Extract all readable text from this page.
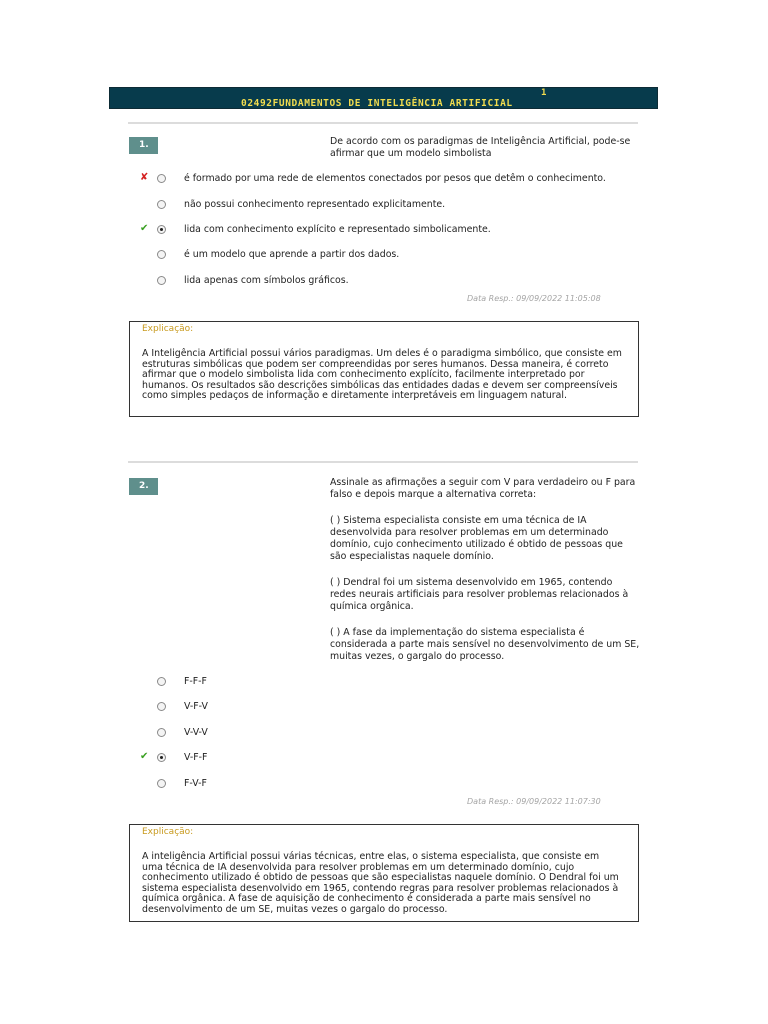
1
02492FUNDAMENTOS DE INTELIGÊNCIA ARTIFICIAL
1.	De acordo com os paradigmas de Inteligência Artificial, pode-se afirmar que um modelo simbolista

✘	é formado por uma rede de elementos conectados por pesos que detêm o conhecimento.
não possui conhecimento representado explicitamente.
✔	lida com conhecimento explícito e representado simbolicamente.
é um modelo que aprende a partir dos dados.
lida apenas com símbolos gráficos.
Data Resp.: 09/09/2022 11:05:08
Explicação:
A Inteligência Artificial possui vários paradigmas. Um deles é o paradigma simbólico, que consiste em estruturas simbólicas que podem ser compreendidas por seres humanos. Dessa maneira, é correto afirmar que o modelo simbolista lida com conhecimento explícito, facilmente interpretado por humanos. Os resultados são descrições simbólicas das entidades dadas e devem ser compreensíveis como simples pedaços de informação e diretamente interpretáveis em linguagem natural.
2.	Assinale as afirmações a seguir com V para verdadeiro ou F para falso e depois marque a alternativa correta:

( ) Sistema especialista consiste em uma técnica de IA desenvolvida para resolver problemas em um determinado domínio, cujo conhecimento utilizado é obtido de pessoas que são especialistas naquele domínio.

( ) Dendral foi um sistema desenvolvido em 1965, contendo redes neurais artificiais para resolver problemas relacionados à química orgânica.

( ) A fase da implementação do sistema especialista é considerada a parte mais sensível no desenvolvimento de um SE, muitas vezes, o gargalo do processo.

F-F-F
V-F-V
V-V-V
✔	V-F-F
F-V-F
Data Resp.: 09/09/2022 11:07:30
Explicação:
A inteligência Artificial possui várias técnicas, entre elas, o sistema especialista, que consiste em uma técnica de IA desenvolvida para resolver problemas em um determinado domínio, cujo conhecimento utilizado é obtido de pessoas que são especialistas naquele domínio. O Dendral foi um sistema especialista desenvolvido em 1965, contendo regras para resolver problemas relacionados à química orgânica. A fase de aquisição de conhecimento é considerada a parte mais sensível no desenvolvimento de um SE, muitas vezes o gargalo do processo.
